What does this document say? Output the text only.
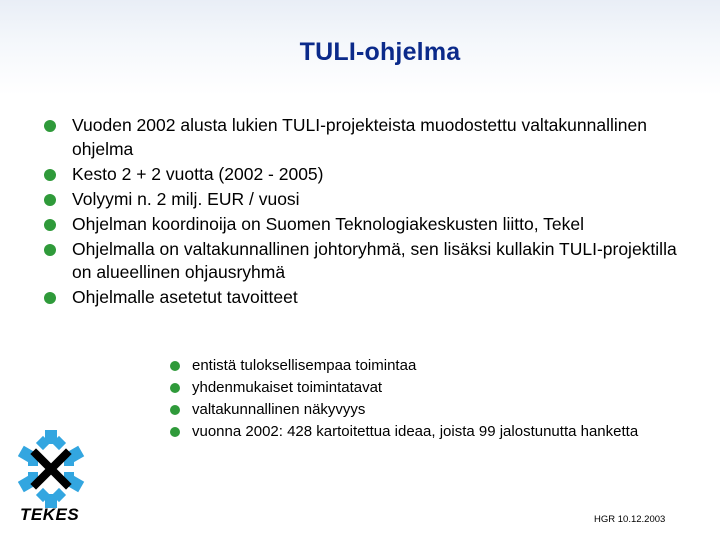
TULI-ohjelma
Vuoden 2002 alusta lukien TULI-projekteista muodostettu valtakunnallinen ohjelma
Kesto 2 + 2 vuotta (2002 - 2005)
Volyymi n. 2 milj. EUR / vuosi
Ohjelman koordinoija on Suomen Teknologiakeskusten liitto, Tekel
Ohjelmalla on valtakunnallinen johtoryhmä, sen lisäksi kullakin TULI-projektilla on alueellinen ohjausryhmä
Ohjelmalle asetetut tavoitteet
entistä tuloksellisempaa toimintaa
yhdenmukaiset toimintatavat
valtakunnallinen näkyvyys
vuonna 2002: 428 kartoitettua ideaa, joista 99 jalostunutta hanketta
TEKES	HGR 10.12.2003
